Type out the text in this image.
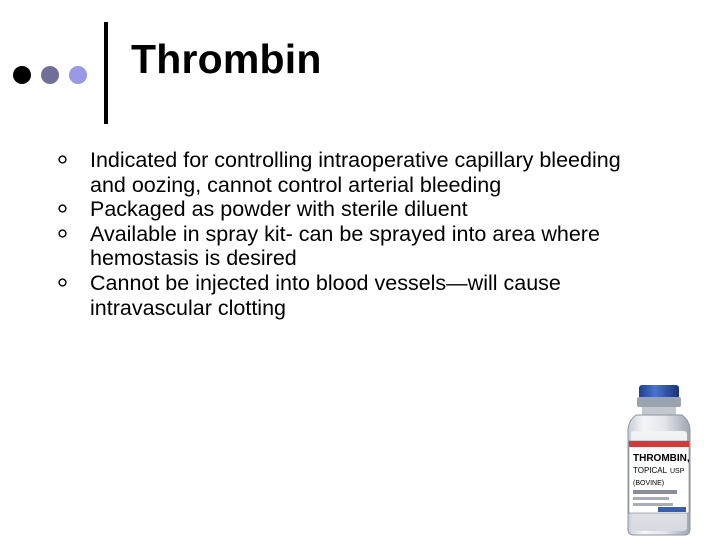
Thrombin
Indicated for controlling intraoperative capillary bleeding and oozing, cannot control arterial bleeding
Packaged as powder with sterile diluent
Available in spray kit- can be sprayed into area where hemostasis is desired
Cannot be injected into blood vessels—will cause intravascular clotting
THROMBIN,
TOPICAL USP
(BOVINE)
